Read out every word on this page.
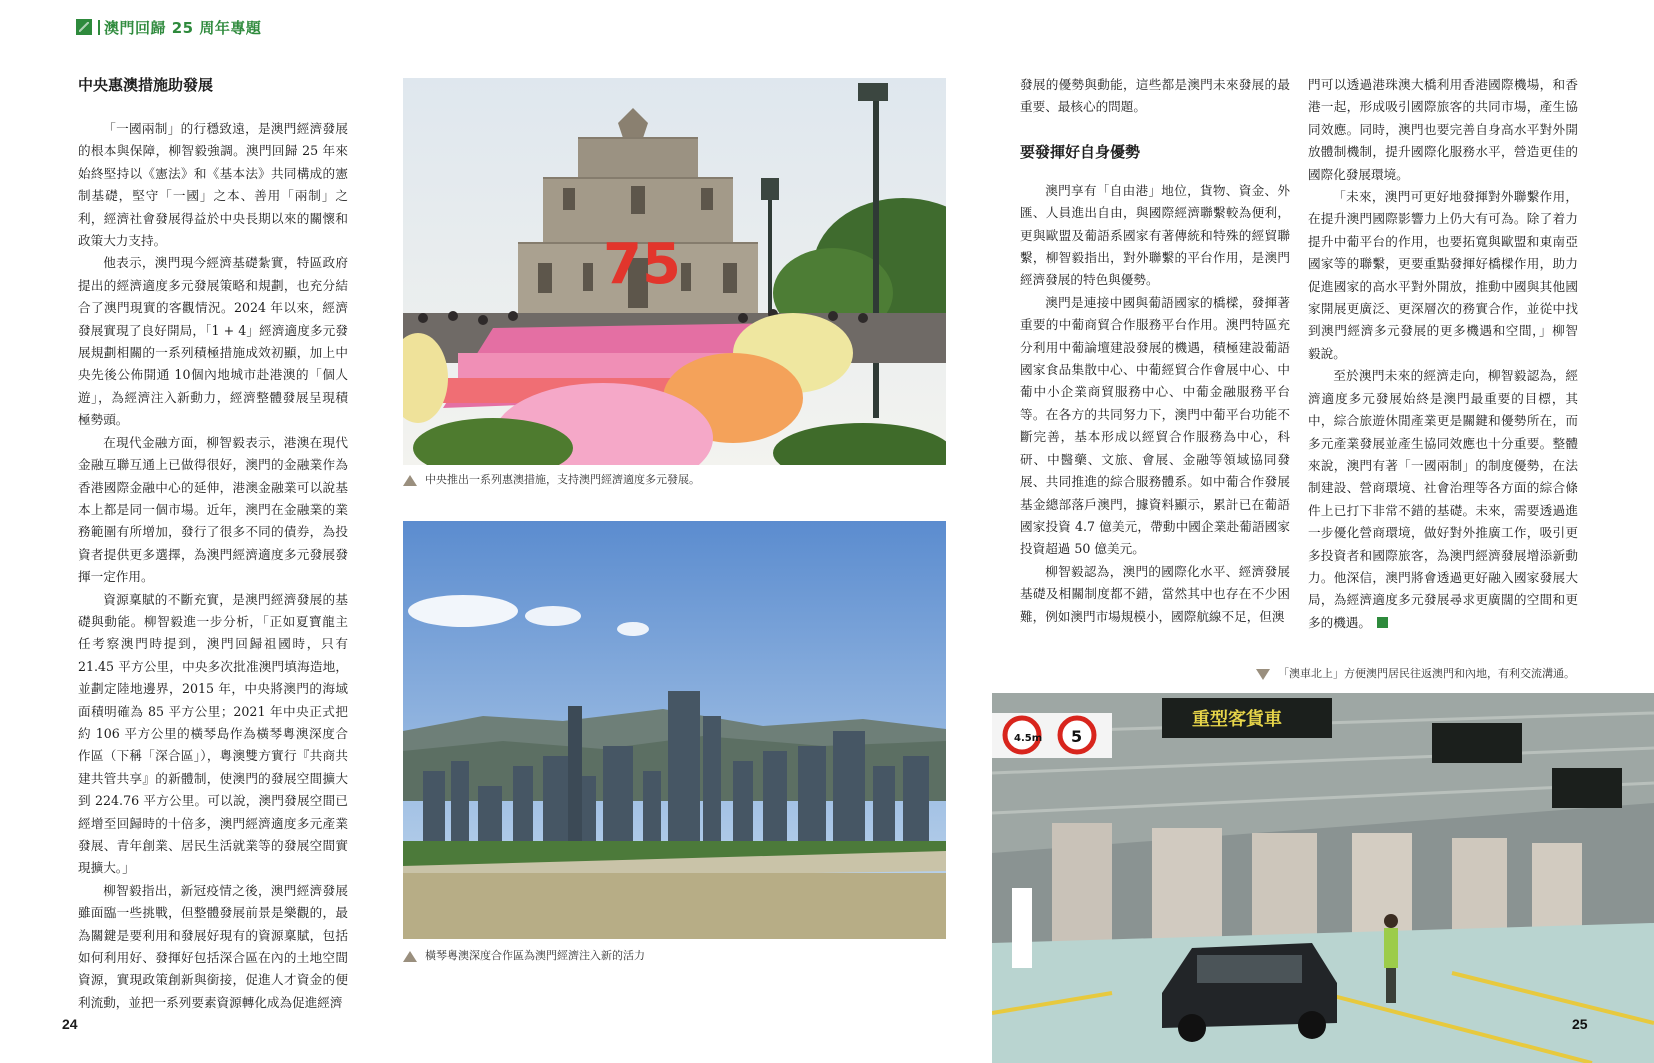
澳門回歸 25 周年專題
中央惠澳措施助發展

「一國兩制」的行穩致遠，是澳門經濟發展的根本與保障，柳智毅強調。澳門回歸 25 年來始終堅持以《憲法》和《基本法》共同構成的憲制基礎，堅守「一國」之本、善用「兩制」之利，經濟社會發展得益於中央長期以來的關懷和政策大力支持。

他表示，澳門現今經濟基礎紮實，特區政府提出的經濟適度多元發展策略和規劃，也充分結合了澳門現實的客觀情況。2024 年以來，經濟發展實現了良好開局，「1 + 4」經濟適度多元發展規劃相關的一系列積極措施成效初顯，加上中央先後公佈開通 10個內地城市赴港澳的「個人遊」，為經濟注入新動力，經濟整體發展呈現積極勢頭。

在現代金融方面，柳智毅表示，港澳在現代金融互聯互通上已做得很好，澳門的金融業作為香港國際金融中心的延伸，港澳金融業可以說基本上都是同一個市場。近年，澳門在金融業的業務範圍有所增加，發行了很多不同的債券，為投資者提供更多選擇，為澳門經濟適度多元發展發揮一定作用。

資源稟賦的不斷充實，是澳門經濟發展的基礎與動能。柳智毅進一步分析，「正如夏寶龍主任考察澳門時提到，澳門回歸祖國時，只有 21.45 平方公里，中央多次批准澳門填海造地，並劃定陸地邊界，2015 年，中央將澳門的海域面積明確為 85 平方公里；2021 年中央正式把約 106 平方公里的橫琴島作為橫琴粵澳深度合作區（下稱「深合區」），粵澳雙方實行『共商共建共管共享』的新體制，使澳門的發展空間擴大到 224.76 平方公里。可以說，澳門發展空間已經增至回歸時的十倍多，澳門經濟適度多元產業發展、青年創業、居民生活就業等的發展空間實現擴大。」

柳智毅指出，新冠疫情之後，澳門經濟發展雖面臨一些挑戰，但整體發展前景是樂觀的，最為關鍵是要利用和發展好現有的資源稟賦，包括如何利用好、發揮好包括深合區在內的土地空間資源，實現政策創新與銜接，促進人才資金的便利流動，並把一系列要素資源轉化成為促進經濟

75
中央推出一系列惠澳措施，支持澳門經濟適度多元發展。
橫琴粵澳深度合作區為澳門經濟注入新的活力

發展的優勢與動能，這些都是澳門未來發展的最重要、最核心的問題。

要發揮好自身優勢

澳門享有「自由港」地位，貨物、資金、外匯、人員進出自由，與國際經濟聯繫較為便利，更與歐盟及葡語系國家有著傳統和特殊的經貿聯繫，柳智毅指出，對外聯繫的平台作用，是澳門經濟發展的特色與優勢。

澳門是連接中國與葡語國家的橋樑，發揮著重要的中葡商貿合作服務平台作用。澳門特區充分利用中葡論壇建設發展的機遇，積極建設葡語國家食品集散中心、中葡經貿合作會展中心、中葡中小企業商貿服務中心、中葡金融服務平台等。在各方的共同努力下，澳門中葡平台功能不斷完善，基本形成以經貿合作服務為中心，科研、中醫藥、文旅、會展、金融等領域協同發展、共同推進的綜合服務體系。如中葡合作發展基金總部落戶澳門，據資料顯示，累計已在葡語國家投資 4.7 億美元，帶動中國企業赴葡語國家投資超過 50 億美元。

柳智毅認為，澳門的國際化水平、經濟發展基礎及相關制度都不錯，當然其中也存在不少困難，例如澳門市場規模小，國際航線不足，但澳

門可以透過港珠澳大橋利用香港國際機場，和香港一起，形成吸引國際旅客的共同市場，產生協同效應。同時，澳門也要完善自身高水平對外開放體制機制，提升國際化服務水平，營造更佳的國際化發展環境。

「未來，澳門可更好地發揮對外聯繫作用，在提升澳門國際影響力上仍大有可為。除了着力提升中葡平台的作用，也要拓寬與歐盟和東南亞國家等的聯繫，更要重點發揮好橋樑作用，助力促進國家的高水平對外開放，推動中國與其他國家開展更廣泛、更深層次的務實合作，並從中找到澳門經濟多元發展的更多機遇和空間，」柳智毅說。

至於澳門未來的經濟走向，柳智毅認為，經濟適度多元發展始終是澳門最重要的目標，其中，綜合旅遊休閒產業更是關鍵和優勢所在，而多元產業發展並產生協同效應也十分重要。整體來說，澳門有著「一國兩制」的制度優勢，在法制建設、營商環境、社會治理等各方面的綜合條件上已打下非常不錯的基礎。未來，需要透過進一步優化營商環境，做好對外推廣工作，吸引更多投資者和國際旅客，為澳門經濟發展增添新動力。他深信，澳門將會透過更好融入國家發展大局，為經濟適度多元發展尋求更廣闊的空間和更多的機遇。

「澳車北上」方便澳門居民往返澳門和內地，有利交流溝通。
重型客貨車
4.5m 5
24	25
